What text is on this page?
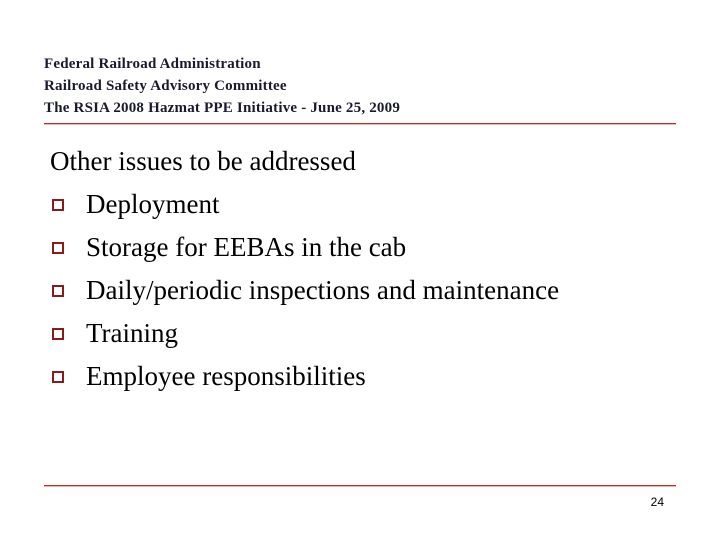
Federal Railroad Administration
Railroad Safety Advisory Committee
The RSIA 2008 Hazmat PPE Initiative - June 25, 2009
Other issues to be addressed
Deployment
Storage for EEBAs in the cab
Daily/periodic inspections and maintenance
Training
Employee responsibilities
24
